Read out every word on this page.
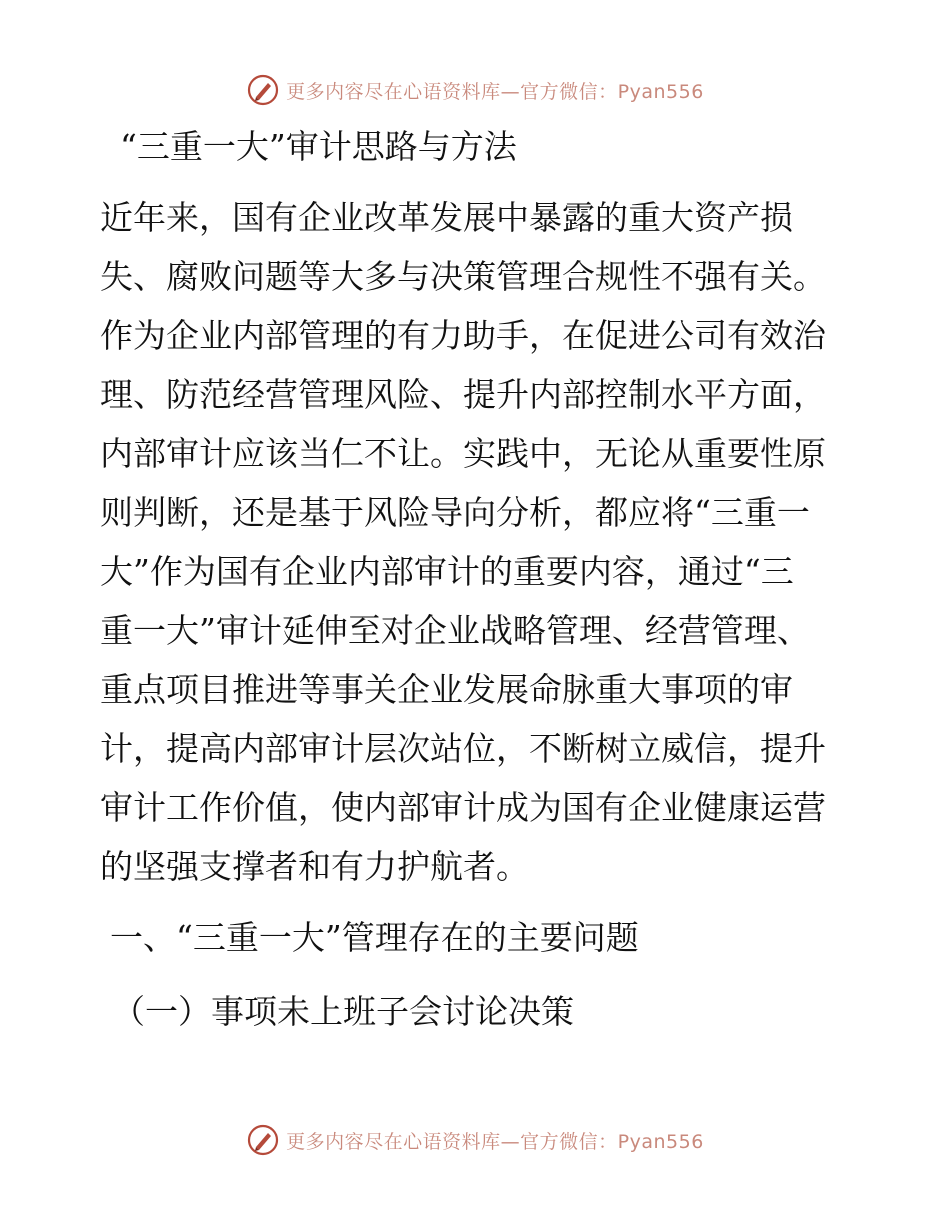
更多内容尽在心语资料库—官方微信：Pyan556
“三重一大”审计思路与方法
近年来，国有企业改革发展中暴露的重大资产损
失、腐败问题等大多与决策管理合规性不强有关。
作为企业内部管理的有力助手，在促进公司有效治
理、防范经营管理风险、提升内部控制水平方面，
内部审计应该当仁不让。实践中，无论从重要性原
则判断，还是基于风险导向分析，都应将“三重一
大”作为国有企业内部审计的重要内容，通过“三
重一大”审计延伸至对企业战略管理、经营管理、
重点项目推进等事关企业发展命脉重大事项的审
计，提高内部审计层次站位，不断树立威信，提升
审计工作价值，使内部审计成为国有企业健康运营
的坚强支撑者和有力护航者。
一、“三重一大”管理存在的主要问题
（一）事项未上班子会讨论决策
更多内容尽在心语资料库—官方微信：Pyan556
